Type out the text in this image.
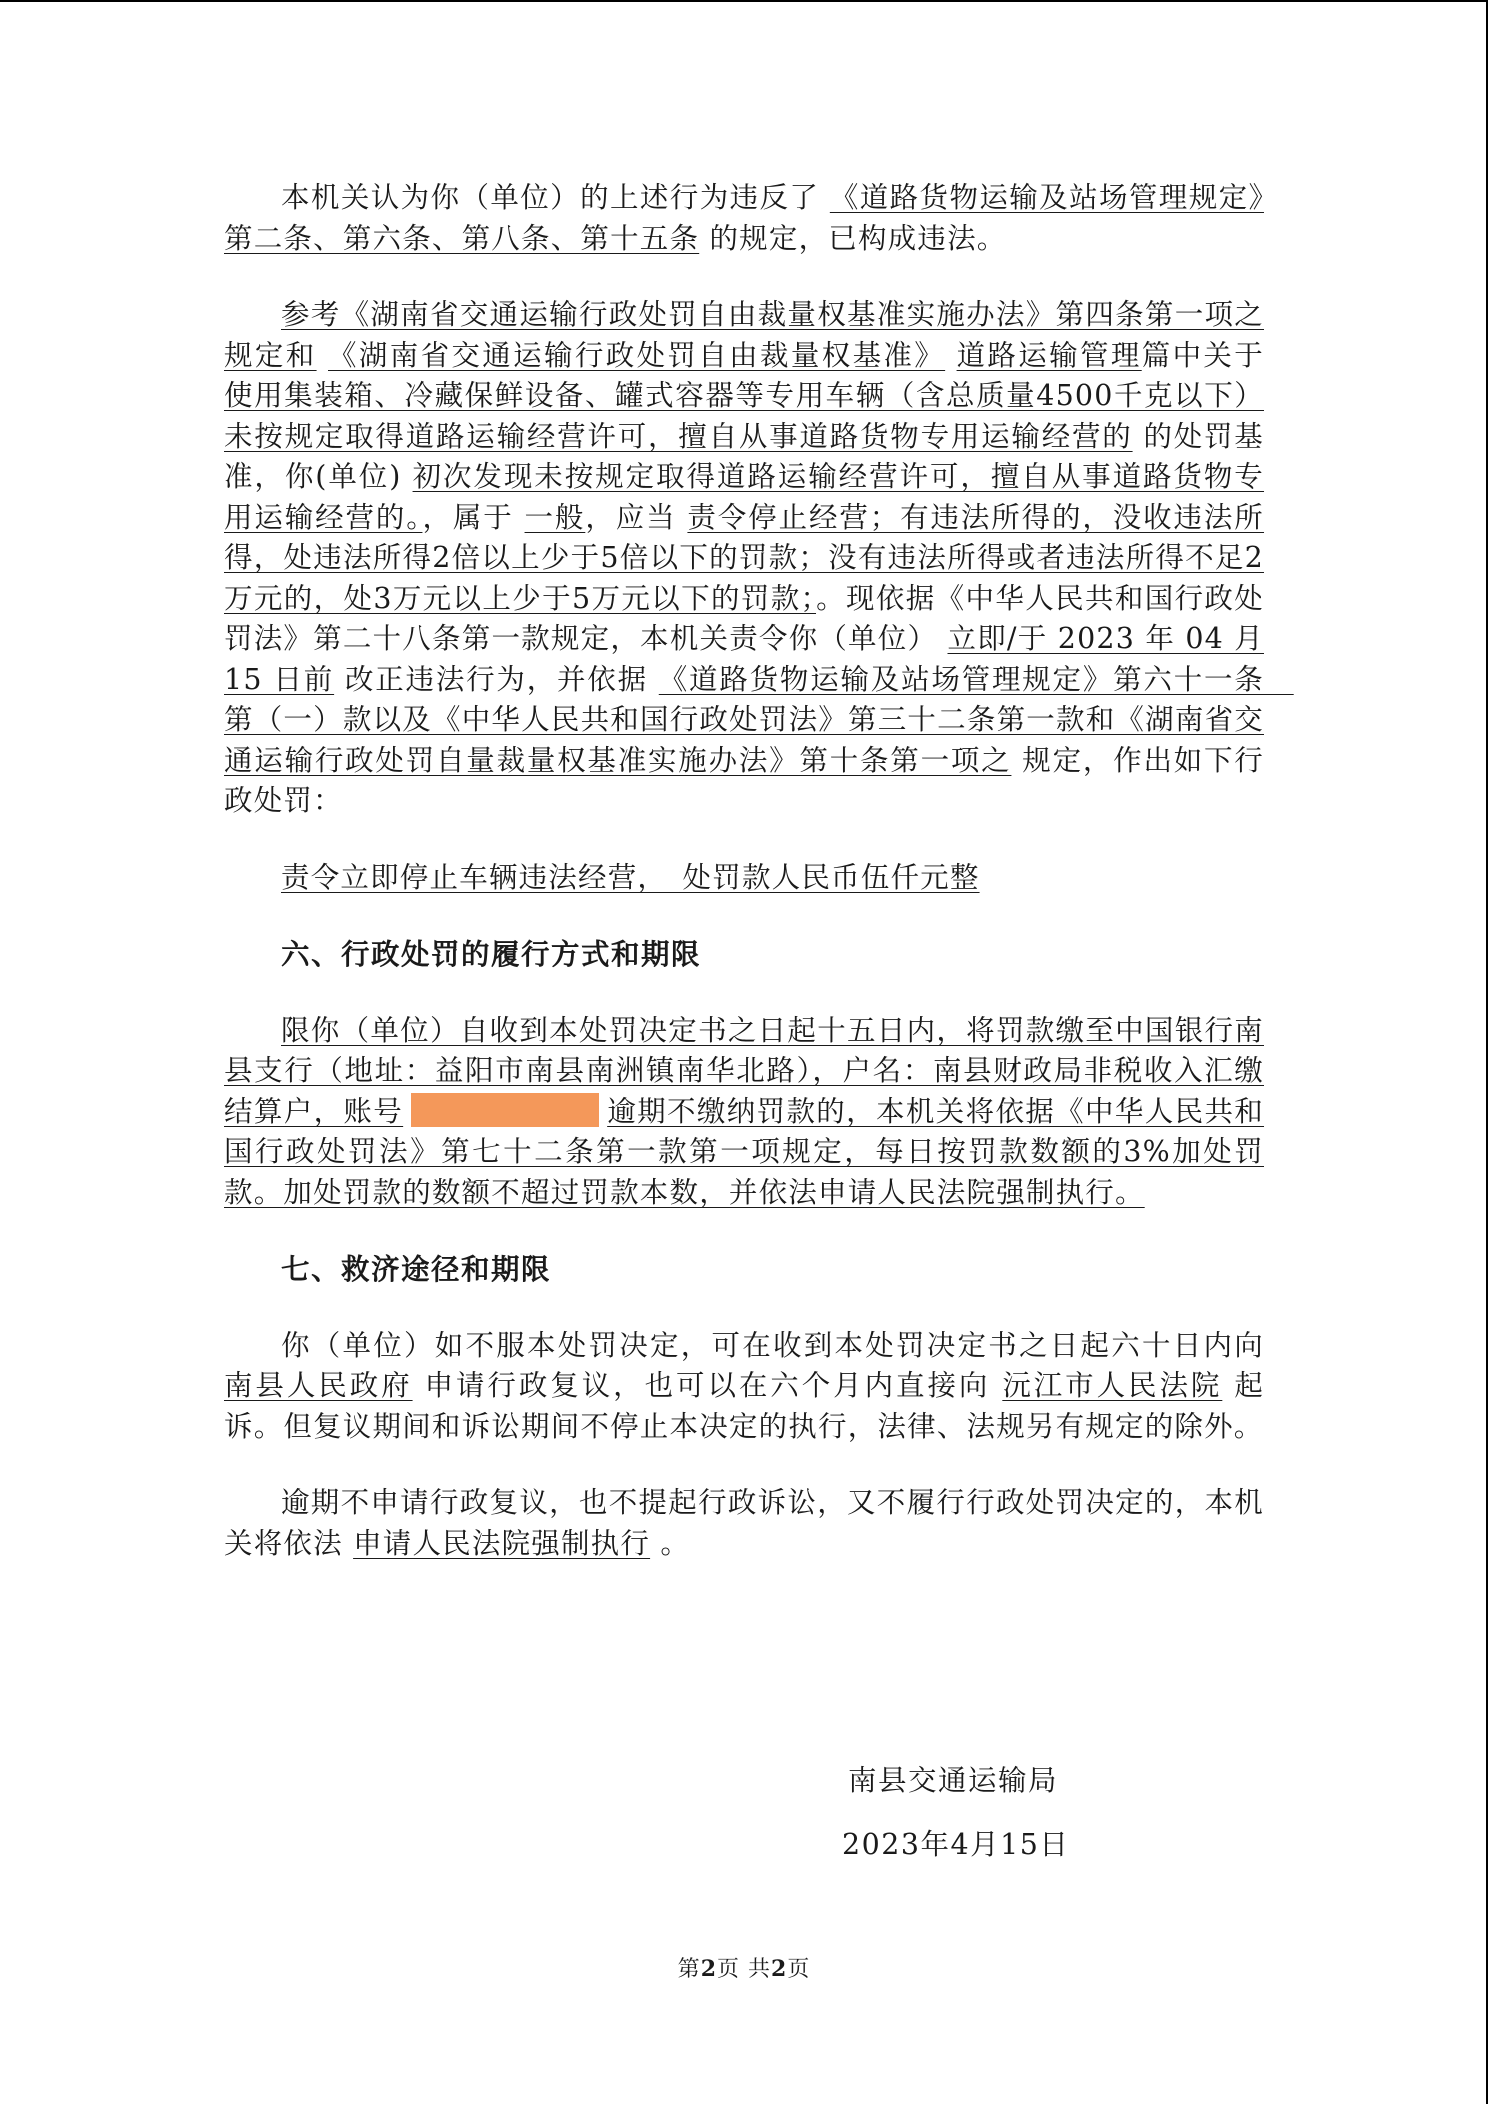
本机关认为你（单位）的上述行为违反了 《道路货物运输及站场管理规定》第二条、第六条、第八条、第十五条 的规定，已构成违法。

参考《湖南省交通运输行政处罚自由裁量权基准实施办法》第四条第一项之规定和 《湖南省交通运输行政处罚自由裁量权基准》 道路运输管理篇中关于 使用集装箱、冷藏保鲜设备、罐式容器等专用车辆（含总质量4500千克以下）未按规定取得道路运输经营许可，擅自从事道路货物专用运输经营的 的处罚基准，你(单位) 初次发现未按规定取得道路运输经营许可，擅自从事道路货物专用运输经营的。，属于 一般，应当 责令停止经营；有违法所得的，没收违法所得，处违法所得2倍以上少于5倍以下的罚款；没有违法所得或者违法所得不足2万元的，处3万元以上少于5万元以下的罚款；。现依据《中华人民共和国行政处罚法》第二十八条第一款规定，本机关责令你（单位） 立即/于 2023 年 04 月 15 日前 改正违法行为，并依据 《道路货物运输及站场管理规定》第六十一条　第（一）款以及《中华人民共和国行政处罚法》第三十二条第一款和《湖南省交通运输行政处罚自量裁量权基准实施办法》第十条第一项之 规定，作出如下行政处罚：

责令立即停止车辆违法经营，　处罚款人民币伍仟元整

六、行政处罚的履行方式和期限

限你（单位）自收到本处罚决定书之日起十五日内，将罚款缴至中国银行南县支行（地址：益阳市南县南洲镇南华北路），户名：南县财政局非税收入汇缴结算户，账号	逾期不缴纳罚款的，本机关将依据《中华人民共和国行政处罚法》第七十二条第一款第一项规定，每日按罚款数额的3%加处罚款。加处罚款的数额不超过罚款本数，并依法申请人民法院强制执行。

七、救济途径和期限

你（单位）如不服本处罚决定，可在收到本处罚决定书之日起六十日内向 南县人民政府 申请行政复议，也可以在六个月内直接向 沅江市人民法院 起诉。但复议期间和诉讼期间不停止本决定的执行，法律、法规另有规定的除外。

逾期不申请行政复议，也不提起行政诉讼，又不履行行政处罚决定的，本机关将依法 申请人民法院强制执行 。

南县交通运输局
2023年4月15日
第2页 共2页
